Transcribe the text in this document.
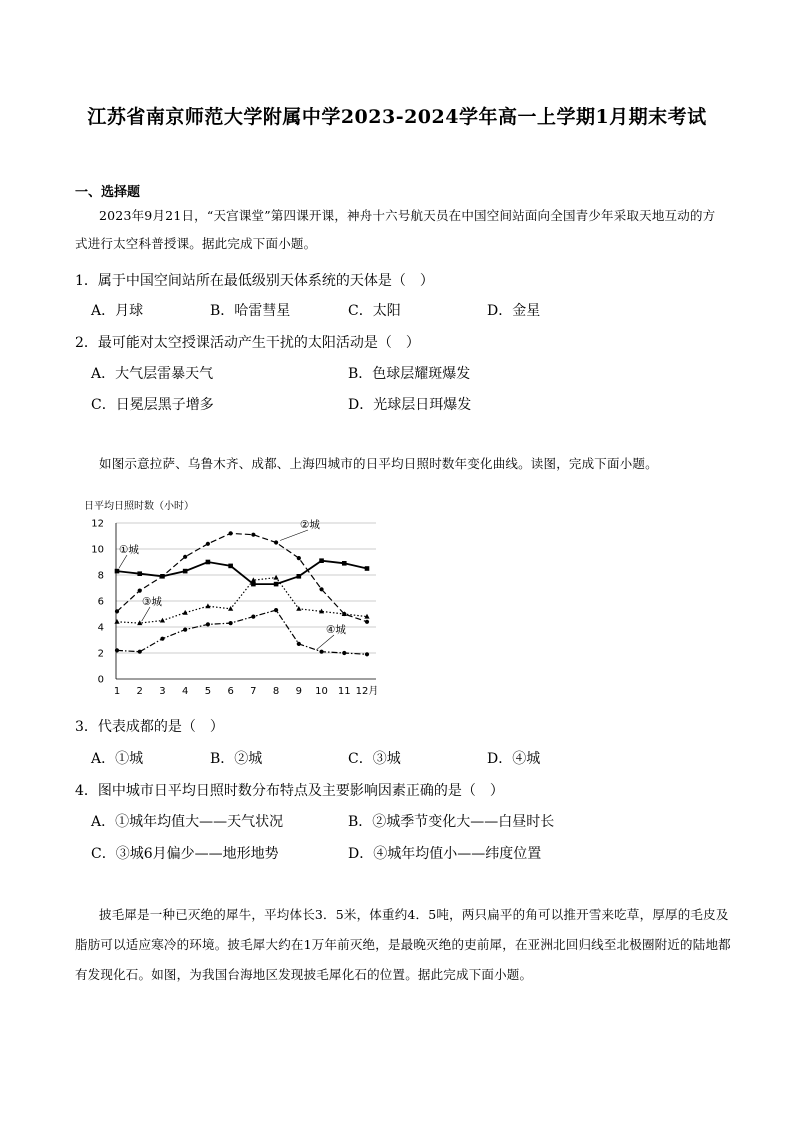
江苏省南京师范大学附属中学2023-2024学年高一上学期1月期末考试
一、选择题
2023年9月21日，“天宫课堂”第四课开课，神舟十六号航天员在中国空间站面向全国青少年采取天地互动的方式进行太空科普授课。据此完成下面小题。
1．属于中国空间站所在最低级别天体系统的天体是（　）
A．月球	B．哈雷彗星	C．太阳	D．金星
2．最可能对太空授课活动产生干扰的太阳活动是（　）
A．大气层雷暴天气	B．色球层耀斑爆发
C．日冕层黑子增多	D．光球层日珥爆发
如图示意拉萨、乌鲁木齐、成都、上海四城市的日平均日照时数年变化曲线。读图，完成下面小题。
日平均日照时数（小时）
0
2
4
6
8
10
12
1 2 3 4 5 6 7 8 9 10 11 12月
①城
②城
③城
④城
3．代表成都的是（　）
A．①城	B．②城	C．③城	D．④城
4．图中城市日平均日照时数分布特点及主要影响因素正确的是（　）
A．①城年均值大——天气状况	B．②城季节变化大——白昼时长
C．③城6月偏少——地形地势	D．④城年均值小——纬度位置
披毛犀是一种已灭绝的犀牛，平均体长3．5米，体重约4．5吨，两只扁平的角可以推开雪来吃草，厚厚的毛皮及脂肪可以适应寒冷的环境。披毛犀大约在1万年前灭绝，是最晚灭绝的吏前犀，在亚洲北回归线至北极圈附近的陆地都有发现化石。如图，为我国台海地区发现披毛犀化石的位置。据此完成下面小题。
